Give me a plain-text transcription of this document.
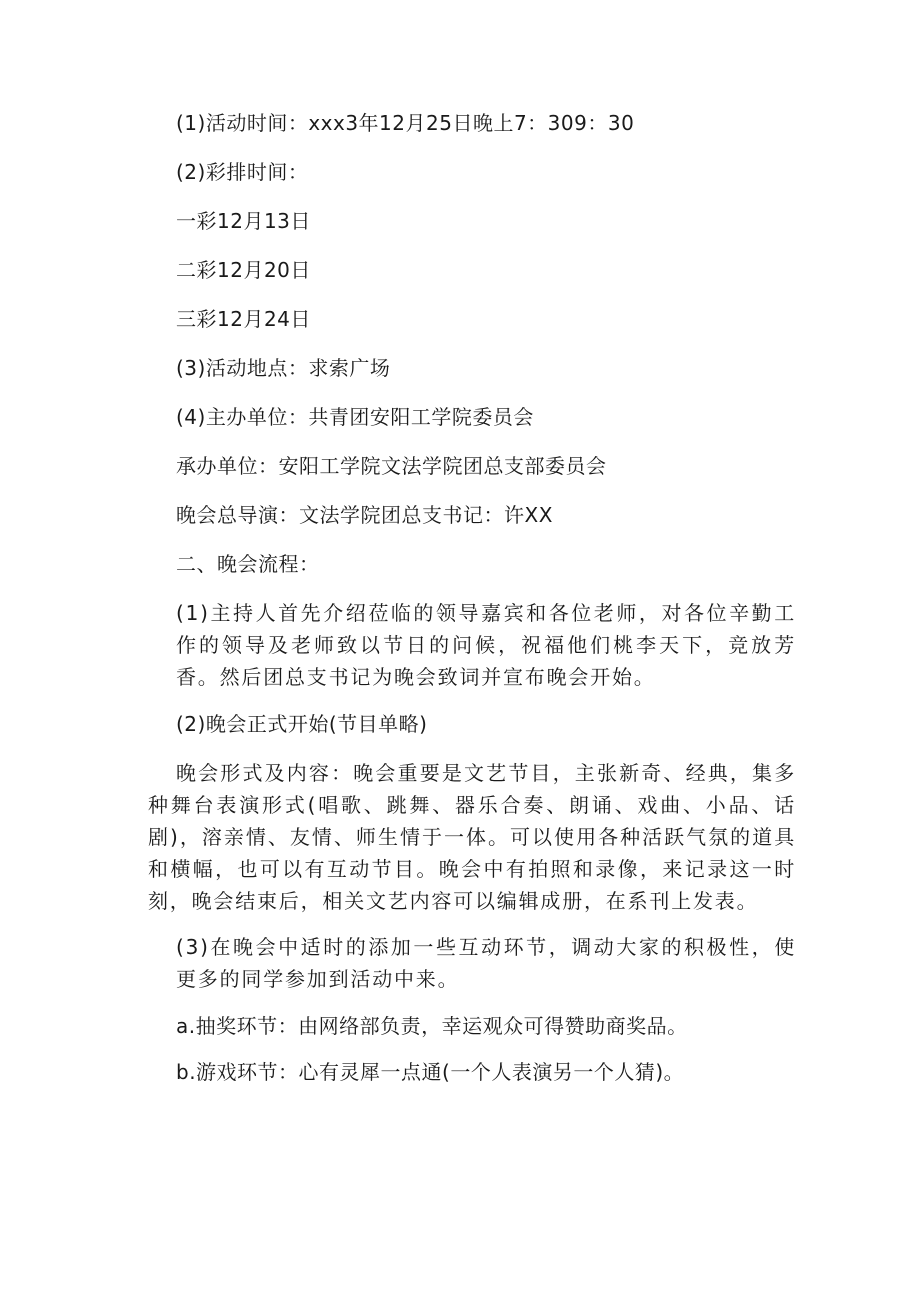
(1)活动时间：xxx3年12月25日晚上7：309：30

(2)彩排时间：

一彩12月13日

二彩12月20日

三彩12月24日

(3)活动地点：求索广场

(4)主办单位：共青团安阳工学院委员会

承办单位：安阳工学院文法学院团总支部委员会

晚会总导演：文法学院团总支书记：许XX

二、晚会流程：

(1)主持人首先介绍莅临的领导嘉宾和各位老师，对各位辛勤工作的领导及老师致以节日的问候，祝福他们桃李天下，竞放芳香。然后团总支书记为晚会致词并宣布晚会开始。

(2)晚会正式开始(节目单略)

晚会形式及内容：晚会重要是文艺节目，主张新奇、经典，集多种舞台表演形式(唱歌、跳舞、器乐合奏、朗诵、戏曲、小品、话剧)，溶亲情、友情、师生情于一体。可以使用各种活跃气氛的道具和横幅，也可以有互动节目。晚会中有拍照和录像，来记录这一时刻，晚会结束后，相关文艺内容可以编辑成册，在系刊上发表。

(3)在晚会中适时的添加一些互动环节，调动大家的积极性，使更多的同学参加到活动中来。

a.抽奖环节：由网络部负责，幸运观众可得赞助商奖品。

b.游戏环节：心有灵犀一点通(一个人表演另一个人猜)。
